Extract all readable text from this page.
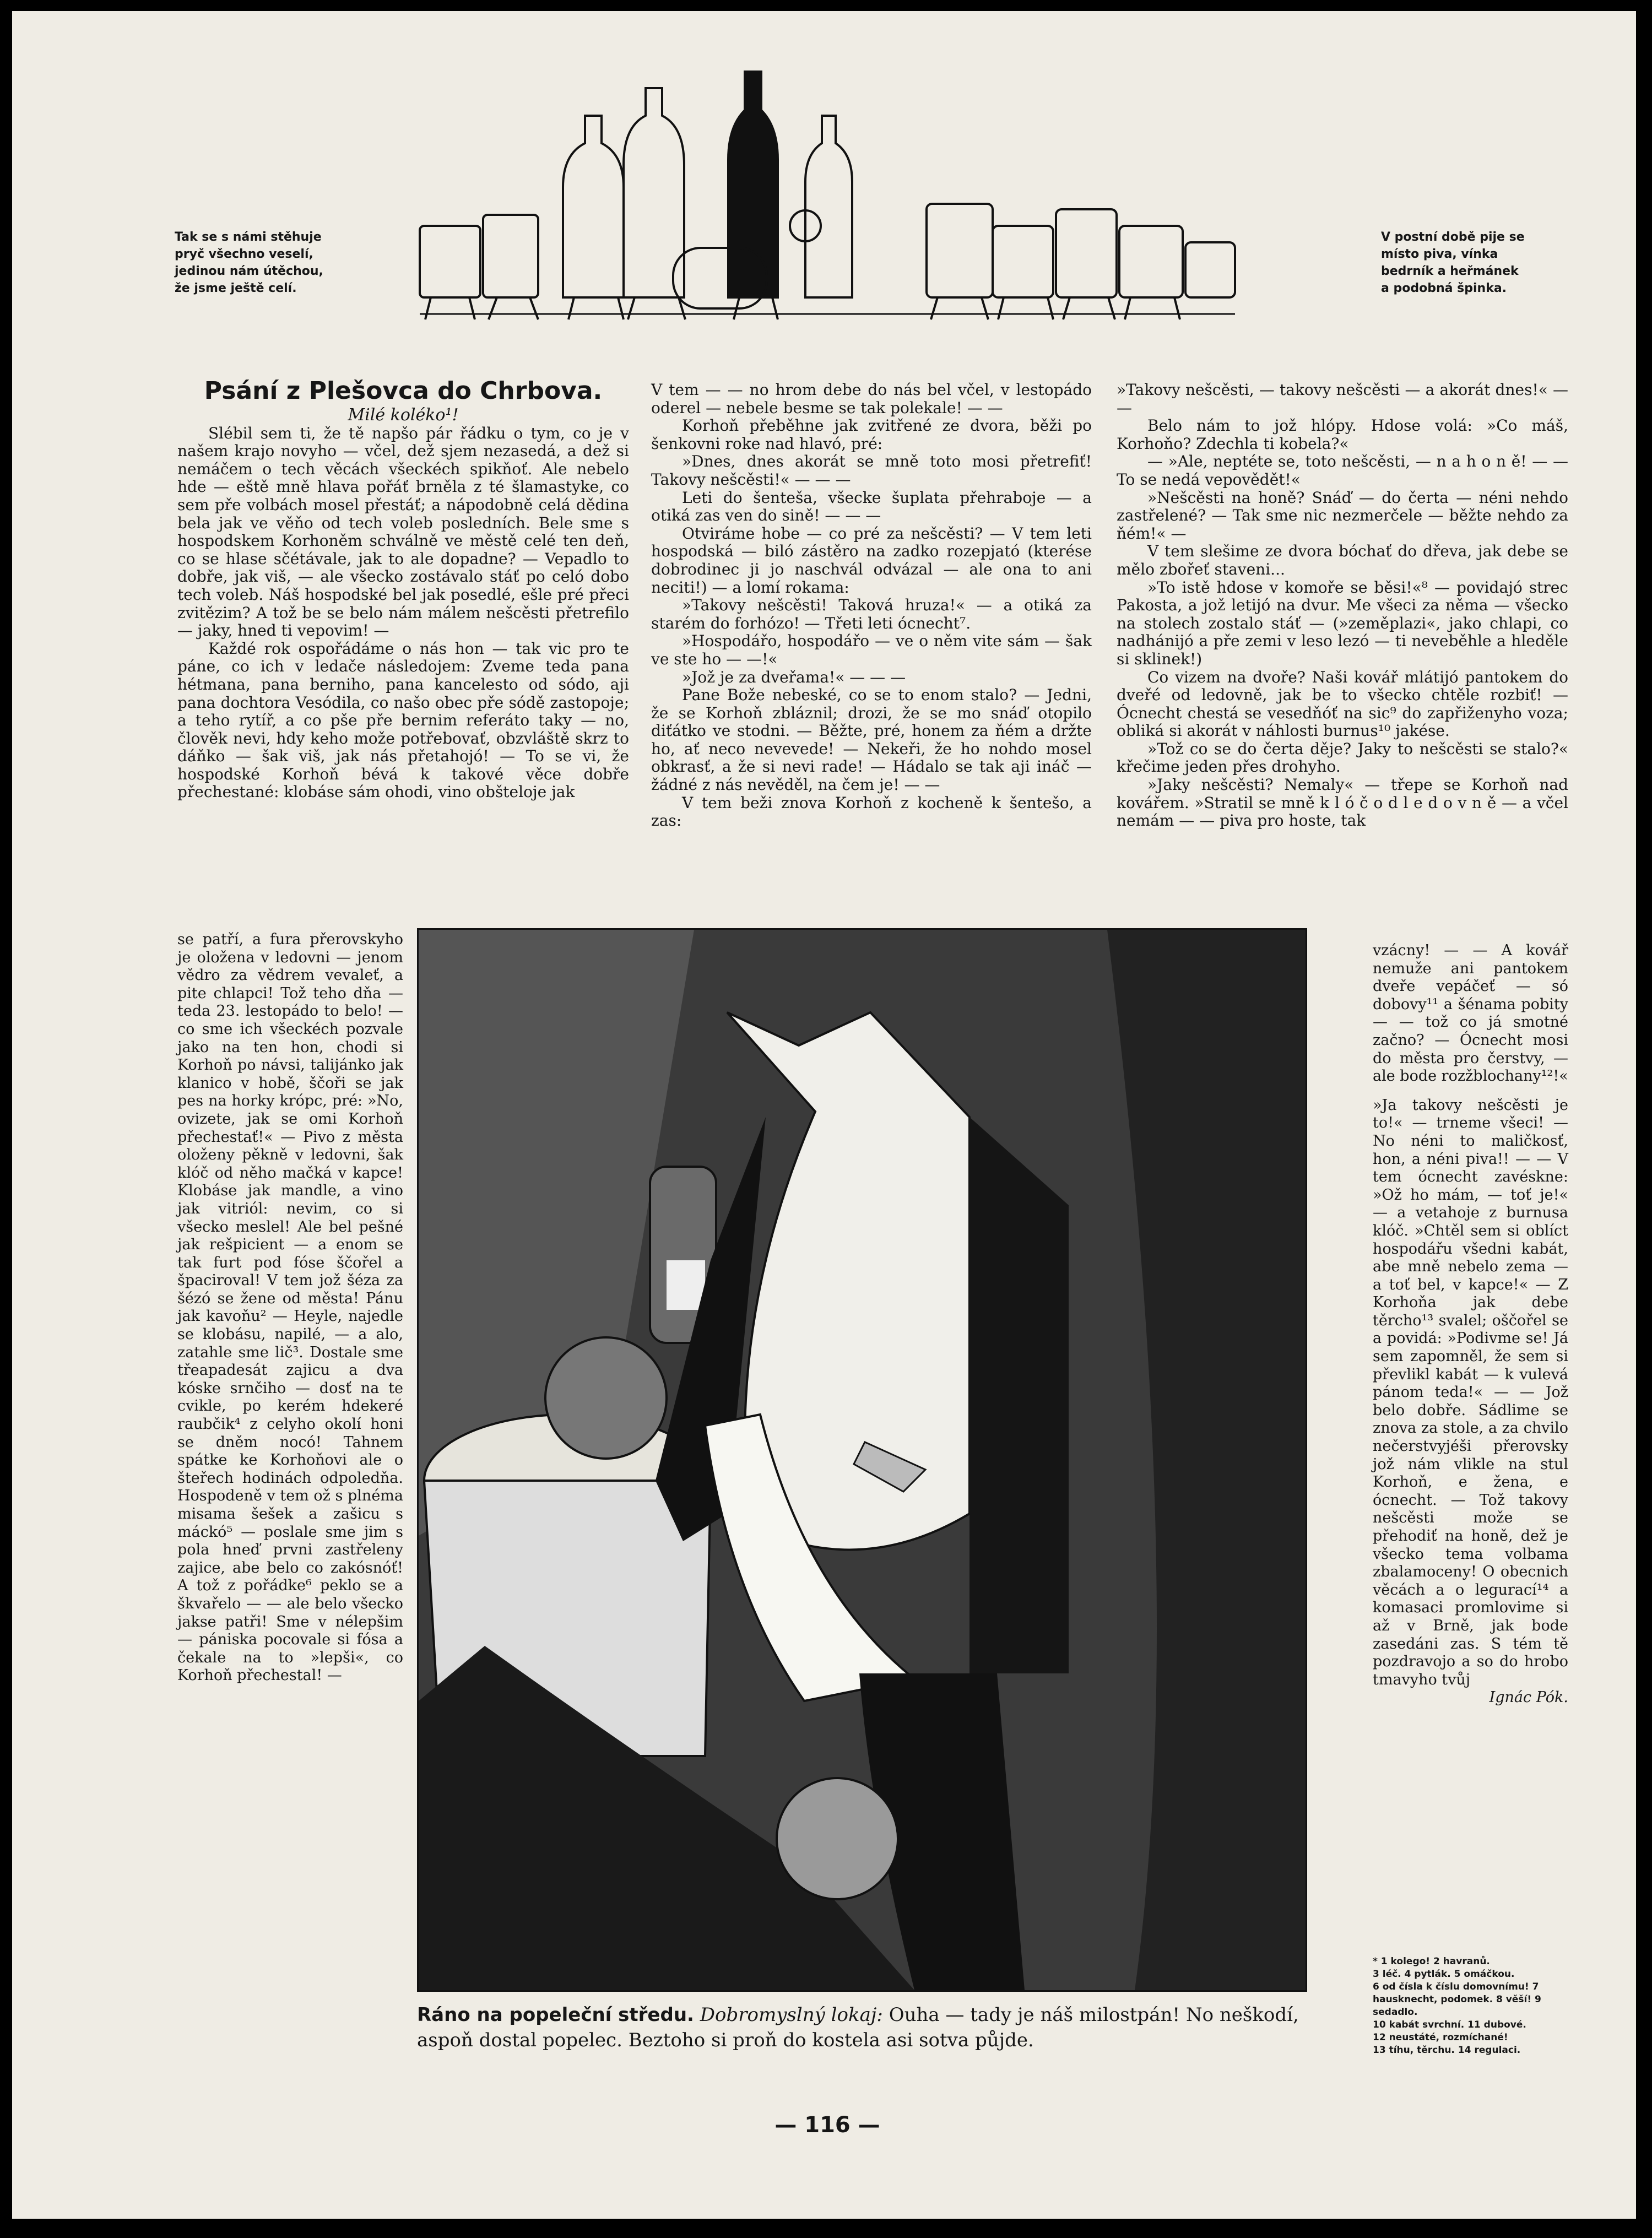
Tak se s námi stěhuje
pryč všechno veselí,
jedinou nám útěchou,
že jsme ještě celí.
V postní době pije se
místo piva, vínka
bedrník a heřmánek
a podobná špinka.
Psání z Plešovca do Chrbova.

Milé koléko¹!

Slébil sem ti, že tě napšo pár řádku o tym, co je v našem krajo novyho — včel, dež sjem nezasedá, a dež si nemáčem o tech věcách všeckéch spikňoť. Ale nebelo hde — eště mně hlava pořáť brněla z té šlamastyke, co sem pře volbách mosel přestáť; a nápodobně celá dědina bela jak ve věňo od tech voleb posledních. Bele sme s hospodskem Korhoněm schválně ve městě celé ten deň, co se hlase sčétávale, jak to ale dopadne? — Vepadlo to dobře, jak viš, — ale všecko zostávalo stáť po celó dobo tech voleb. Náš hospodské bel jak posedlé, ešle pré přeci zvitězim? A tož be se belo nám málem nešcěsti přetrefilo — jaky, hned ti vepovim! —

Každé rok ospořádáme o nás hon — tak vic pro te páne, co ich v ledače následojem: Zveme teda pana hétmana, pana berniho, pana kancelesto od sódo, aji pana dochtora Vesódila, co našo obec pře sódě zastopoje; a teho rytíř, a co pše pře bernim referáto taky — no, člověk nevi, hdy keho može potřebovať, obzvláště skrz to dáňko — šak viš, jak nás přetahojó! — To se vi, že hospodské Korhoň bévá k takové věce dobře přechestané: klobáse sám ohodi, vino obšteloje jak

se patří, a fura přerovskyho je oložena v ledovni — jenom vědro za vědrem vevaleť, a pite chlapci! Tož teho dňa — teda 23. lestopádo to belo! — co sme ich všeckéch pozvale jako na ten hon, chodi si Korhoň po návsi, talijánko jak klanico v hobě, ščoři se jak pes na horky krópc, pré: »No, ovizete, jak se omi Korhoň přechestať!« — Pivo z města oloženy pěkně v ledovni, šak klóč od něho mačká v kapce! Klobáse jak mandle, a vino jak vitriól: nevim, co si všecko meslel! Ale bel pešné jak rešpicient — a enom se tak furt pod fóse ščořel a špaciroval! V tem jož šéza za šézó se žene od města! Pánu jak kavoňu² — Heyle, najedle se klobásu, napilé, — a alo, zatahle sme lič³. Dostale sme třeapadesát zajicu a dva kóske srnčiho — dosť na te cvikle, po kerém hdekeré raubčik⁴ z celyho okolí honi se dněm nocó! Tahnem spátke ke Korhoňovi ale o šteřech hodinách odpoledňa. Hospodeně v tem ož s plnéma misama šešek a zašicu s máckó⁵ — poslale sme jim s pola hneď prvni zastřeleny zajice, abe belo co zakósnóť! A tož z pořádke⁶ peklo se a škvařelo — — ale belo všecko jakse patři! Sme v nélepšim — pániska pocovale si fósa a čekale na to »lepši«, co Korhoň přechestal! —

V tem — — no hrom debe do nás bel včel, v lestopádo oderel — nebele besme se tak polekale! — —

Korhoň přeběhne jak zvitřené ze dvora, běži po šenkovni roke nad hlavó, pré:

»Dnes, dnes akorát se mně toto mosi přetrefiť! Takovy nešcěsti!« — — —

Leti do šenteša, všecke šuplata přehraboje — a otiká zas ven do sině! — — —

Otviráme hobe — co pré za nešcěsti? — V tem leti hospodská — biló zástěro na zadko rozepjató (kterése dobrodinec ji jo naschvál odvázal — ale ona to ani neciti!) — a lomí rokama:

»Takovy nešcěsti! Taková hruza!« — a otiká za starém do forhózo! — Třeti leti ócnecht⁷.

»Hospodářo, hospodářo — ve o něm vite sám — šak ve ste ho — —!«

»Jož je za dveřama!« — — —

Pane Bože nebeské, co se to enom stalo? — Jedni, že se Korhoň zbláznil; drozi, že se mo snáď otopilo diťátko ve stodni. — Běžte, pré, honem za ňém a držte ho, ať neco nevevede! — Nekeři, že ho nohdo mosel obkrasť, a že si nevi rade! — Hádalo se tak aji ináč — žádné z nás nevěděl, na čem je! — —

V tem beži znova Korhoň z kocheně k šentešo, a zas:

»Takovy nešcěsti, — takovy nešcěsti — a akorát dnes!« — —

Belo nám to jož hlópy. Hdose volá: »Co máš, Korhoňo? Zdechla ti kobela?«

— »Ale, neptéte se, toto nešcěsti, — n a h o n ě! — — To se nedá vepovědět!«

»Nešcěsti na honě? Snáď — do čerta — néni nehdo zastřelené? — Tak sme nic nezmerčele — běžte nehdo za ňém!« —

V tem slešime ze dvora bóchať do dřeva, jak debe se mělo zbořeť staveni...

»To istě hdose v komoře se běsi!«⁸ — povidajó strec Pakosta, a jož letijó na dvur. Me všeci za něma — všecko na stolech zostalo stáť — (»zeměplazi«, jako chlapi, co nadhánijó a pře zemi v leso lezó — ti neveběhle a hleděle si sklinek!)

Co vizem na dvoře? Naši kovář mlátijó pantokem do dveřé od ledovně, jak be to všecko chtěle rozbiť! — Ócnecht chestá se vesedňóť na sic⁹ do zapřiženyho voza; obliká si akorát v náhlosti burnus¹⁰ jakése.

»Tož co se do čerta děje? Jaky to nešcěsti se stalo?« křečime jeden přes drohyho.

»Jaky nešcěsti? Nemaly« — třepe se Korhoň nad kovářem. »Stratil se mně k l ó č o d l e d o v n ě — a včel nemám — — piva pro hoste, tak

vzácny! — — A kovář nemuže ani pantokem dveře vepáčeť — só dobovy¹¹ a šénama pobity — — tož co já smotné začno? — Ócnecht mosi do města pro čerstvy, — ale bode rozžblochany¹²!«

»Ja takovy nešcěsti je to!« — trneme všeci! — No néni to maličkosť, hon, a néni piva!! — — V tem ócnecht zavéskne: »Ož ho mám, — toť je!« — a vetahoje z burnusa klóč. »Chtěl sem si oblíct hospodářu všedni kabát, abe mně nebelo zema — a toť bel, v kapce!« — Z Korhoňa jak debe těrcho¹³ svalel; oščořel se a povidá: »Podivme se! Já sem zapomněl, že sem si převlikl kabát — k vulevá pánom teda!« — — Jož belo dobře. Sádlime se znova za stole, a za chvilo nečerstvyjéši přerovsky jož nám vlikle na stul Korhoň, e žena, e ócnecht. — Tož takovy nešcěsti može se přehodiť na honě, dež je všecko tema volbama zbalamoceny! O obecnich věcách a o legurací¹⁴ a komasaci promlovime si až v Brně, jak bode zasedáni zas. S tém tě pozdravojo a so do hrobo tmavyho tvůj

Ignác Pók.

* 1 kolego! 2 havranů.

3 léč. 4 pytlák. 5 omáčkou.

6 od čísla k číslu domovnímu! 7 hausknecht, podomek. 8 věší! 9 sedadlo.

10 kabát svrchní. 11 dubové.

12 neustáté, rozmíchané!

13 tíhu, těrchu. 14 regulaci.

Ráno na popeleční středu. Dobromyslný lokaj: Ouha — tady je náš milostpán! No neškodí, aspoň dostal popelec. Beztoho si proň do kostela asi sotva půjde.
— 116 —
